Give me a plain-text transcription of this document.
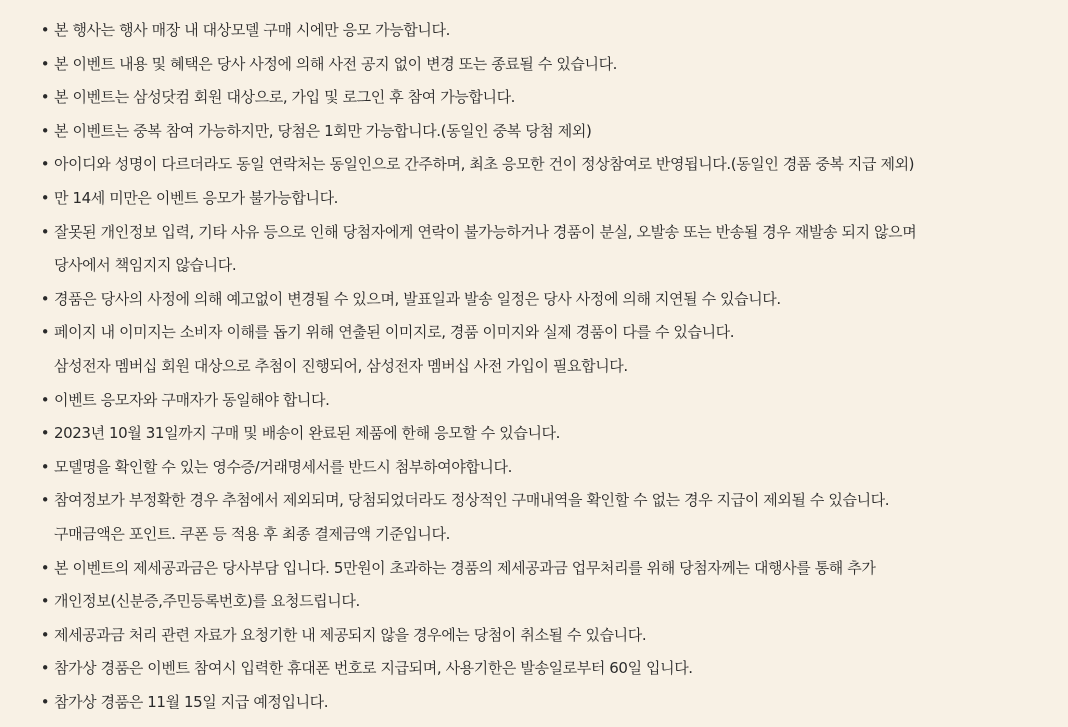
• 본 행사는 행사 매장 내 대상모델 구매 시에만 응모 가능합니다.
• 본 이벤트 내용 및 혜택은 당사 사정에 의해 사전 공지 없이 변경 또는 종료될 수 있습니다.
• 본 이벤트는 삼성닷컴 회원 대상으로, 가입 및 로그인 후 참여 가능합니다.
• 본 이벤트는 중복 참여 가능하지만, 당첨은 1회만 가능합니다.(동일인 중복 당첨 제외)
• 아이디와 성명이 다르더라도 동일 연락처는 동일인으로 간주하며, 최초 응모한 건이 정상참여로 반영됩니다.(동일인 경품 중복 지급 제외)
• 만 14세 미만은 이벤트 응모가 불가능합니다.
• 잘못된 개인정보 입력, 기타 사유 등으로 인해 당첨자에게 연락이 불가능하거나 경품이 분실, 오발송 또는 반송될 경우 재발송 되지 않으며
당사에서 책임지지 않습니다.
• 경품은 당사의 사정에 의해 예고없이 변경될 수 있으며, 발표일과 발송 일정은 당사 사정에 의해 지연될 수 있습니다.
• 페이지 내 이미지는 소비자 이해를 돕기 위해 연출된 이미지로, 경품 이미지와 실제 경품이 다를 수 있습니다.
삼성전자 멤버십 회원 대상으로 추첨이 진행되어, 삼성전자 멤버십 사전 가입이 필요합니다.
• 이벤트 응모자와 구매자가 동일해야 합니다.
• 2023년 10월 31일까지 구매 및 배송이 완료된 제품에 한해 응모할 수 있습니다.
• 모델명을 확인할 수 있는 영수증/거래명세서를 반드시 첨부하여야합니다.
• 참여정보가 부정확한 경우 추첨에서 제외되며, 당첨되었더라도 정상적인 구매내역을 확인할 수 없는 경우 지급이 제외될 수 있습니다.
구매금액은 포인트. 쿠폰 등 적용 후 최종 결제금액 기준입니다.
• 본 이벤트의 제세공과금은 당사부담 입니다. 5만원이 초과하는 경품의 제세공과금 업무처리를 위해 당첨자께는 대행사를 통해 추가
• 개인정보(신분증,주민등록번호)를 요청드립니다.
• 제세공과금 처리 관련 자료가 요청기한 내 제공되지 않을 경우에는 당첨이 취소될 수 있습니다.
• 참가상 경품은 이벤트 참여시 입력한 휴대폰 번호로 지급되며, 사용기한은 발송일로부터 60일 입니다.
• 참가상 경품은 11월 15일 지급 예정입니다.
